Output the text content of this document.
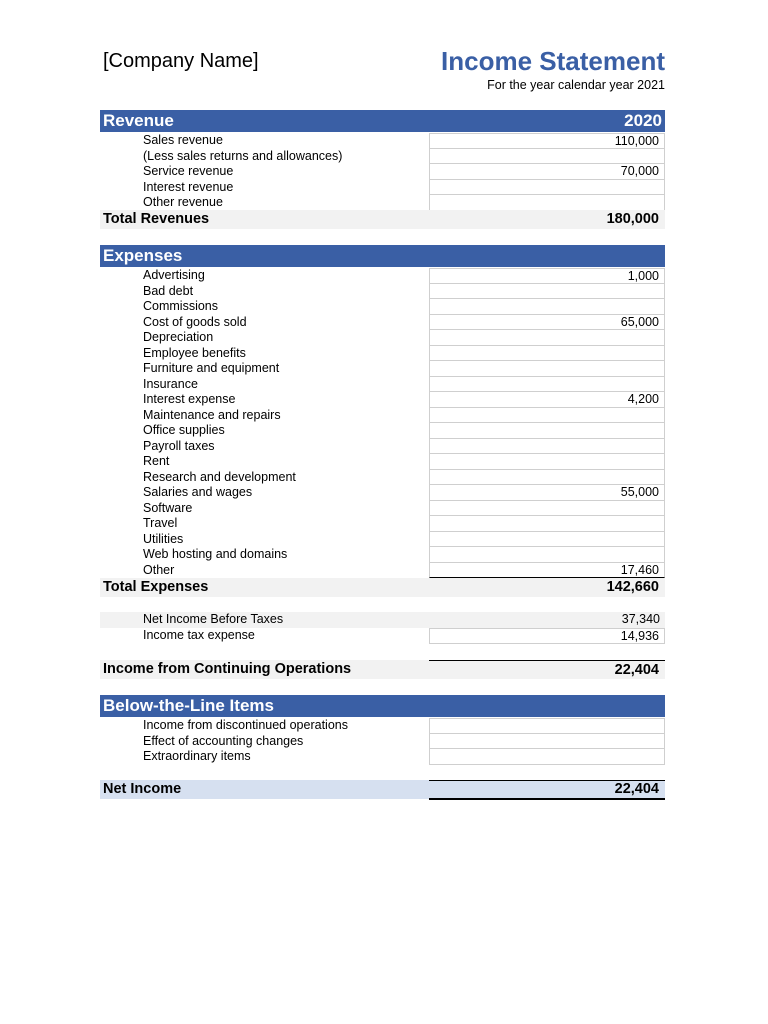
[Company Name]	Income Statement
For the year calendar year 2021
Revenue	2020
Sales revenue	110,000
(Less sales returns and allowances)
Service revenue	70,000
Interest revenue
Other revenue
Total Revenues	180,000
Expenses
Advertising	1,000
Bad debt
Commissions
Cost of goods sold	65,000
Depreciation
Employee benefits
Furniture and equipment
Insurance
Interest expense	4,200
Maintenance and repairs
Office supplies
Payroll taxes
Rent
Research and development
Salaries and wages	55,000
Software
Travel
Utilities
Web hosting and domains
Other	17,460
Total Expenses	142,660
Net Income Before Taxes	37,340
Income tax expense	14,936
Income from Continuing Operations	22,404
Below-the-Line Items
Income from discontinued operations
Effect of accounting changes
Extraordinary items
Net Income	22,404
